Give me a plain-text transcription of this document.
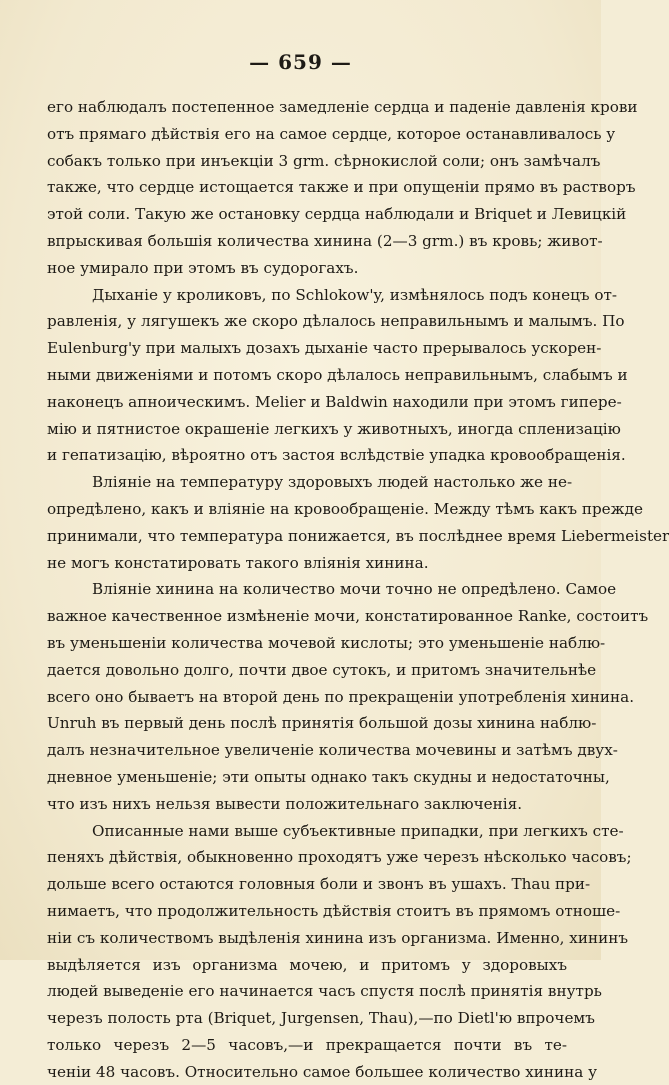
— 659 —
его наблюдалъ постепенное замедленіе сердца и паденіе давленія крови
отъ прямаго дѣйствія его на самое сердце, которое останавливалось у
собакъ только при инъекціи 3 grm. сѣрнокислой соли; онъ замѣчалъ
также, что сердце истощается также и при опущеніи прямо въ растворъ
этой соли. Такую же остановку сердца наблюдали и Briquet и Левицкій
впрыскивая большія количества хинина (2—3 grm.) въ кровь; живот-
ное умирало при этомъ въ судорогахъ.
Дыханіе у кроликовъ, по Schlokow'y, измѣнялось подъ конецъ от-
равленія, у лягушекъ же скоро дѣлалось неправильнымъ и малымъ. По
Eulenburg'y при малыхъ дозахъ дыханіе часто прерывалось ускорен-
ными движеніями и потомъ скоро дѣлалось неправильнымъ, слабымъ и
наконецъ апноическимъ. Melier и Baldwin находили при этомъ гипере-
мію и пятнистое окрашеніе легкихъ у животныхъ, иногда спленизацію
и гепатизацію, вѣроятно отъ застоя вслѣдствіе упадка кровообращенія.
Вліяніе на температуру здоровыхъ людей настолько же не-
опредѣлено, какъ и вліяніе на кровообращеніе. Между тѣмъ какъ прежде
принимали, что температура понижается, въ послѣднее время Liebermeister
не могъ констатировать такого вліянія хинина.
Вліяніе хинина на количество мочи точно не опредѣлено. Самое
важное качественное измѣненіе мочи, констатированное Ranke, состоитъ
въ уменьшеніи количества мочевой кислоты; это уменьшеніе наблю-
дается довольно долго, почти двое сутокъ, и притомъ значительнѣе
всего оно бываетъ на второй день по прекращеніи употребленія хинина.
Unruh въ первый день послѣ принятія большой дозы хинина наблю-
далъ незначительное увеличеніе количества мочевины и затѣмъ двух-
дневное уменьшеніе; эти опыты однако такъ скудны и недостаточны,
что изъ нихъ нельзя вывести положительнаго заключенія.
Описанные нами выше субъективные припадки, при легкихъ сте-
пеняхъ дѣйствія, обыкновенно проходятъ уже черезъ нѣсколько часовъ;
дольше всего остаются головныя боли и звонъ въ ушахъ. Thau при-
нимаетъ, что продолжительность дѣйствія стоитъ въ прямомъ отноше-
ніи съ количествомъ выдѣленія хинина изъ организма. Именно, хининъ
выдѣляется изъ организма мочею, и притомъ у здоровыхъ
людей выведеніе его начинается часъ спустя послѣ принятія внутрь
черезъ полость рта (Briquet, Jurgensen, Thau),—по Dietl'ю впрочемъ
только черезъ 2—5 часовъ,—и прекращается почти въ те-
ченіи 48 часовъ. Относительно самое большее количество хинина у
